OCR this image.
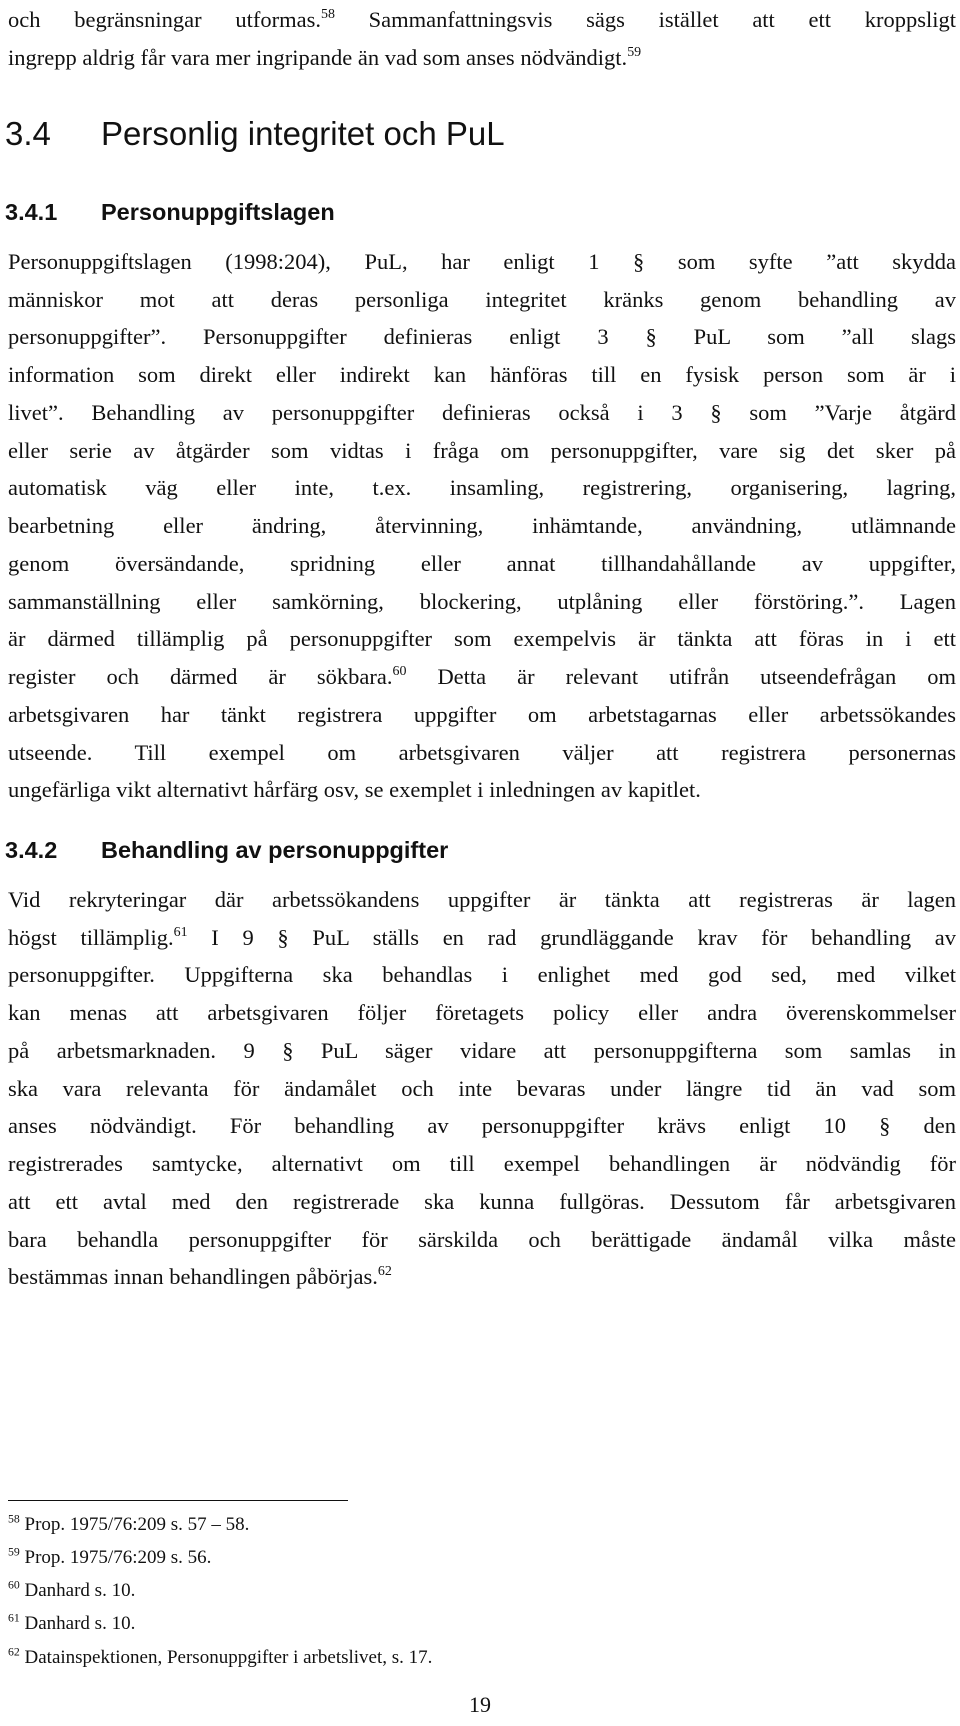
och begränsningar utformas.$^{58}$ Sammanfattningsvis sägs istället att ett kroppsligt
ingrepp aldrig får vara mer ingripande än vad som anses nödvändigt.$^{59}$
3.4 Personlig integritet och PuL
3.4.1 Personuppgiftslagen
Personuppgiftslagen (1998:204), PuL, har enligt 1 § som syfte ”att skydda
människor mot att deras personliga integritet kränks genom behandling av
personuppgifter”. Personuppgifter definieras enligt 3 § PuL som ”all slags
information som direkt eller indirekt kan hänföras till en fysisk person som är i
livet”. Behandling av personuppgifter definieras också i 3 § som ”Varje åtgärd
eller serie av åtgärder som vidtas i fråga om personuppgifter, vare sig det sker på
automatisk väg eller inte, t.ex. insamling, registrering, organisering, lagring,
bearbetning eller ändring, återvinning, inhämtande, användning, utlämnande
genom översändande, spridning eller annat tillhandahållande av uppgifter,
sammanställning eller samkörning, blockering, utplåning eller förstöring.”. Lagen
är därmed tillämplig på personuppgifter som exempelvis är tänkta att föras in i ett
register och därmed är sökbara.$^{60}$ Detta är relevant utifrån utseendefrågan om
arbetsgivaren har tänkt registrera uppgifter om arbetstagarnas eller arbetssökandes
utseende. Till exempel om arbetsgivaren väljer att registrera personernas
ungefärliga vikt alternativt hårfärg osv, se exemplet i inledningen av kapitlet.
3.4.2 Behandling av personuppgifter
Vid rekryteringar där arbetssökandens uppgifter är tänkta att registreras är lagen
högst tillämplig.$^{61}$ I 9 § PuL ställs en rad grundläggande krav för behandling av
personuppgifter. Uppgifterna ska behandlas i enlighet med god sed, med vilket
kan menas att arbetsgivaren följer företagets policy eller andra överenskommelser
på arbetsmarknaden. 9 § PuL säger vidare att personuppgifterna som samlas in
ska vara relevanta för ändamålet och inte bevaras under längre tid än vad som
anses nödvändigt. För behandling av personuppgifter krävs enligt 10 § den
registrerades samtycke, alternativt om till exempel behandlingen är nödvändig för
att ett avtal med den registrerade ska kunna fullgöras. Dessutom får arbetsgivaren
bara behandla personuppgifter för särskilda och berättigade ändamål vilka måste
bestämmas innan behandlingen påbörjas.$^{62}$
$^{58}$ Prop. 1975/76:209 s. 57 – 58.
$^{59}$ Prop. 1975/76:209 s. 56.
$^{60}$ Danhard s. 10.
$^{61}$ Danhard s. 10.
$^{62}$ Datainspektionen, Personuppgifter i arbetslivet, s. 17.
19
